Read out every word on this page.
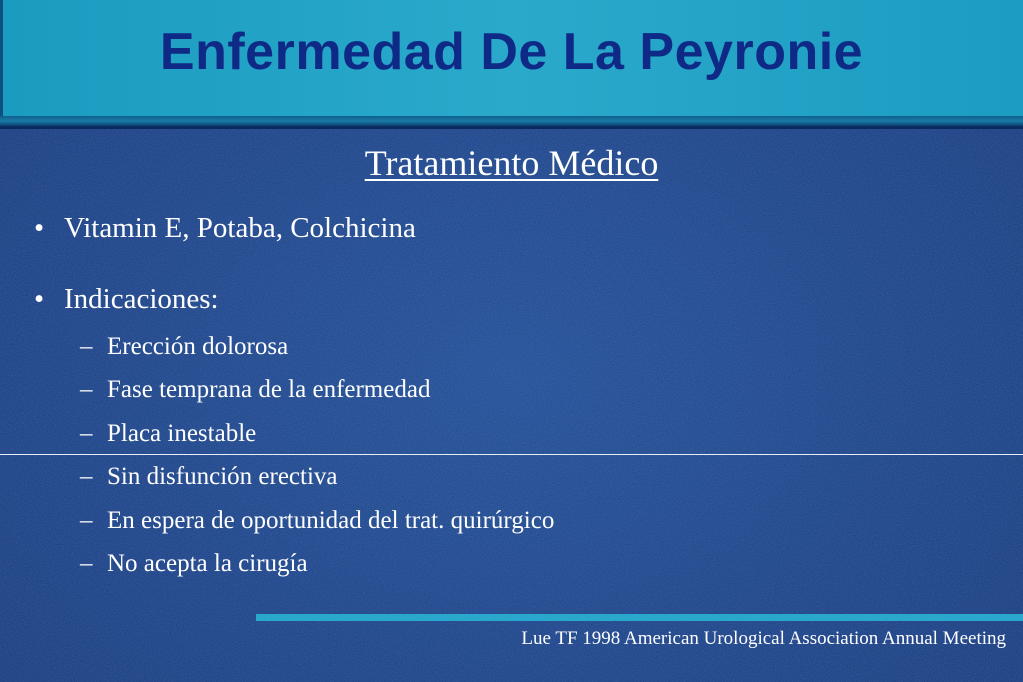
Enfermedad De La Peyronie
Tratamiento Médico
• Vitamin E, Potaba, Colchicina
• Indicaciones:
– Erección dolorosa
– Fase temprana de la enfermedad
– Placa inestable
– Sin disfunción erectiva
– En espera de oportunidad del trat. quirúrgico
– No acepta la cirugía
Lue TF 1998 American Urological Association Annual Meeting
